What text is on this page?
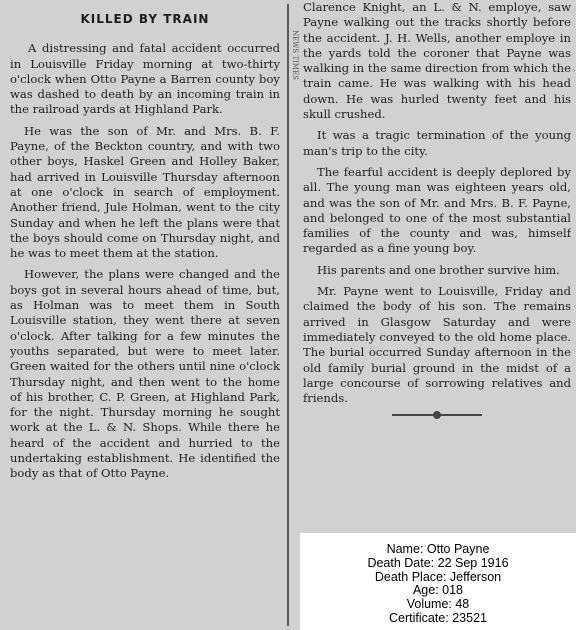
KILLED BY TRAIN

A distressing and fatal accident occurred in Louisville Friday morning at two-thirty o'clock when Otto Payne a Barren county boy was dashed to death by an incoming train in the railroad yards at Highland Park.

He was the son of Mr. and Mrs. B. F. Payne, of the Beckton country, and with two other boys, Haskel Green and Holley Baker, had arrived in Louisville Thursday afternoon at one o'clock in search of employment. Another friend, Jule Holman, went to the city Sunday and when he left the plans were that the boys should come on Thursday night, and he was to meet them at the station.

However, the plans were changed and the boys got in several hours ahead of time, but, as Holman was to meet them in South Louisville station, they went there at seven o'clock. After talking for a few minutes the youths separated, but were to meet later. Green waited for the others until nine o'clock Thursday night, and then went to the home of his brother, C. P. Green, at Highland Park, for the night. Thursday morning he sought work at the L. & N. Shops. While there he heard of the accident and hurried to the undertaking establishment. He identified the body as that of Otto Payne.

NEWS TIMES

Clarence Knight, an L. & N. employe, saw Payne walking out the tracks shortly before the accident. J. H. Wells, another employe in the yards told the coroner that Payne was walking in the same direction from which the train came. He was walking with his head down. He was hurled twenty feet and his skull crushed.

It was a tragic termination of the young man's trip to the city.

The fearful accident is deeply deplored by all. The young man was eighteen years old, and was the son of Mr. and Mrs. B. F. Payne, and belonged to one of the most substantial families of the county and was, himself regarded as a fine young boy.

His parents and one brother survive him.

Mr. Payne went to Louisville, Friday and claimed the body of his son. The remains arrived in Glasgow Saturday and were immediately conveyed to the old home place. The burial occurred Sunday afternoon in the old family burial ground in the midst of a large concourse of sorrowing relatives and friends.

Name: Otto Payne
Death Date: 22 Sep 1916
Death Place: Jefferson
Age: 018
Volume: 48
Certificate: 23521
